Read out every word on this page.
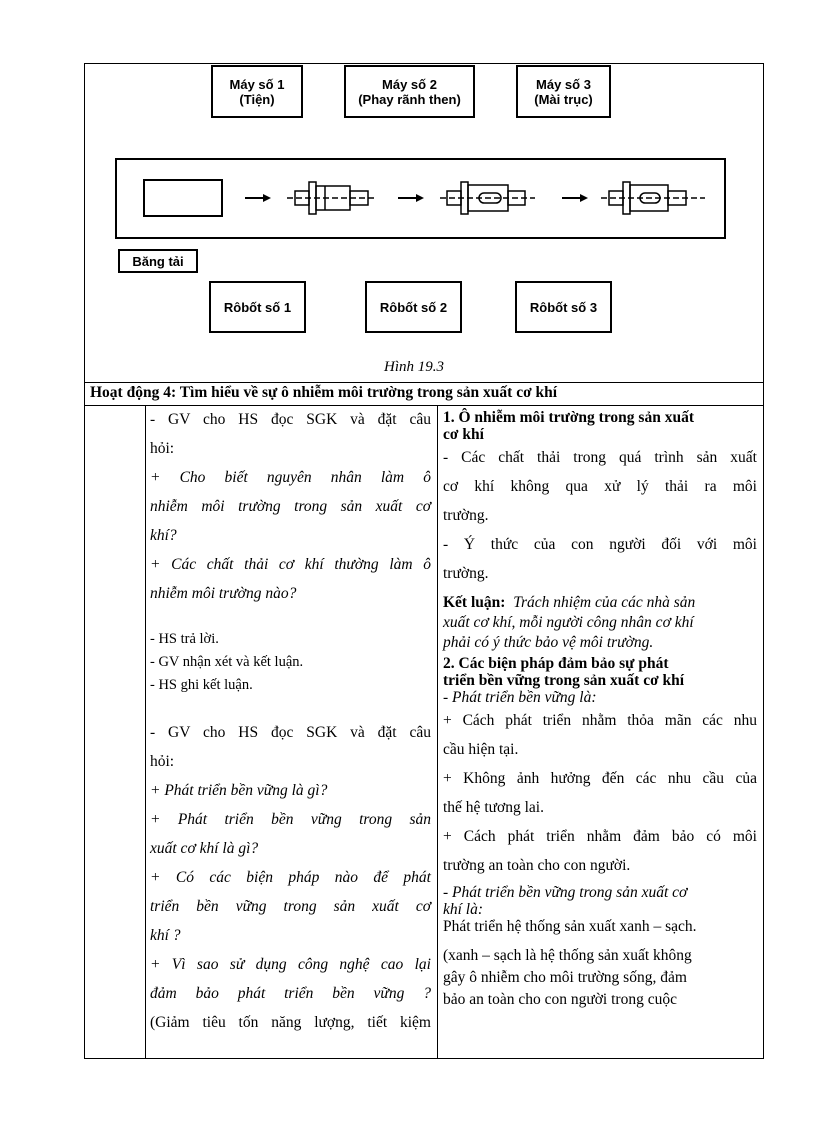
Máy số 1
(Tiện)
Máy số 2
(Phay rãnh then)
Máy số 3
(Mài trục)
Băng tải
Rôbốt số 1	Rôbốt số 2	Rôbốt số 3
Hình 19.3
Hoạt động 4: Tìm hiểu về sự ô nhiễm môi trường trong sản xuất cơ khí

- GV cho HS đọc SGK và đặt câu

hỏi:

+ Cho biết nguyên nhân làm ô

nhiễm môi trường trong sản xuất cơ

khí?

+ Các chất thải cơ khí thường làm ô

nhiễm môi trường nào?

- HS trả lời.

- GV nhận xét và kết luận.

- HS ghi kết luận.

- GV cho HS đọc SGK và đặt câu

hỏi:

+ Phát triển bền vững là gì?

+ Phát triển bền vững trong sản

xuất cơ khí là gì?

+ Có các biện pháp nào để phát

triển bền vững trong sản xuất cơ

khí ?

+ Vì sao sử dụng công nghệ cao lại

đảm bảo phát triển bền vững ?

(Giảm tiêu tốn năng lượng, tiết kiệm

1. Ô nhiễm môi trường trong sản xuất

cơ khí

- Các chất thải trong quá trình sản xuất

cơ khí không qua xử lý thải ra môi

trường.

- Ý thức của con người đối với môi

trường.

Kết luận: Trách nhiệm của các nhà sản

xuất cơ khí, mỗi người công nhân cơ khí

phải có ý thức bảo vệ môi trường.

2. Các biện pháp đảm bảo sự phát

triển bền vững trong sản xuất cơ khí

- Phát triển bền vững là:

+ Cách phát triển nhằm thỏa mãn các nhu

cầu hiện tại.

+ Không ảnh hưởng đến các nhu cầu của

thế hệ tương lai.

+ Cách phát triển nhằm đảm bảo có môi

trường an toàn cho con người.

- Phát triển bền vững trong sản xuất cơ

khí là:

Phát triển hệ thống sản xuất xanh – sạch.

(xanh – sạch là hệ thống sản xuất không

gây ô nhiễm cho môi trường sống, đảm

bảo an toàn cho con người trong cuộc
